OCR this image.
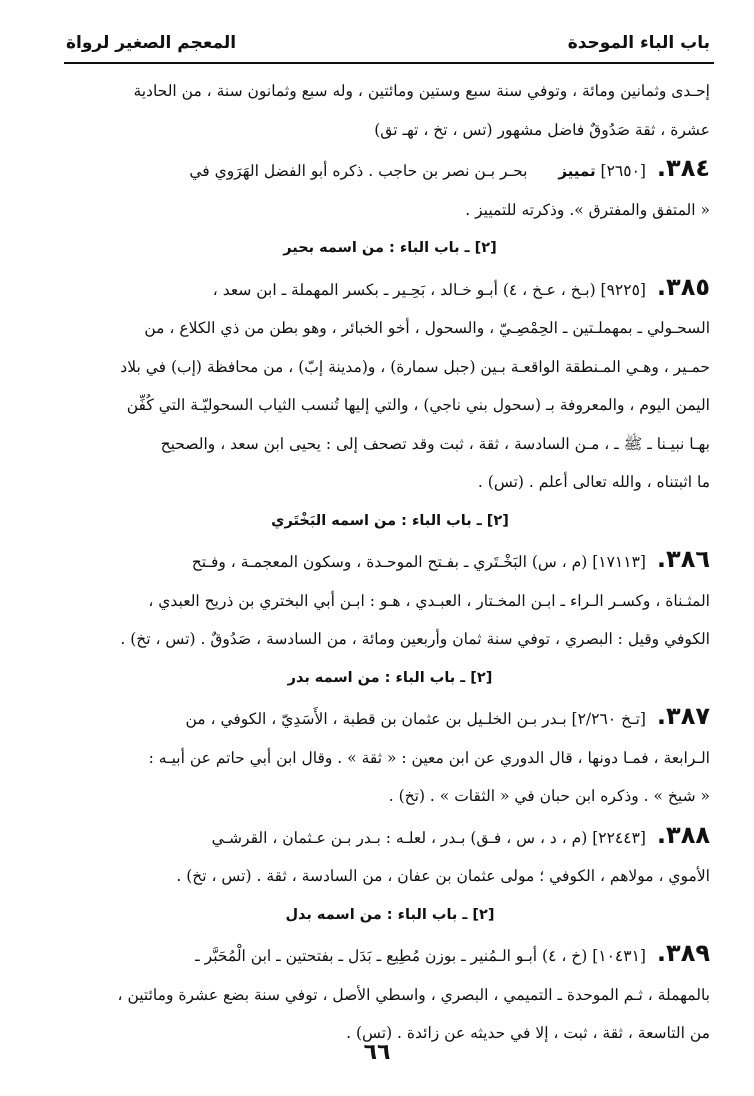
باب الباء الموحدة
المعجم الصغير لرواة

إحـدى وثمانين ومائة ، وتوفي سنة سبع وستين ومائتين ، وله سبع وثمانون سنة ، من الحادية

عشرة ، ثقة صَدُوقٌ فاضل مشهور (تس ، تخ ، تهـ تق)

٣٨٤. [٢٦٥٠] تمييز بحـر بـن نصر بن حاجب . ذكره أبو الفضل الهَرَوي في

« المتفق والمفترق ». وذكرته للتمييز .

[٢] ـ باب الباء : من اسمه بحير

٣٨٥. [٩٢٢٥] (بـخ ، عـخ ، ٤) أبـو خـالد ، بَحِـير ـ بكسر المهملة ـ ابن سعد ،

السحـولي ـ بمهملـتين ـ الحِمْصِـيّ ، والسحول ، أخو الخبائر ، وهو بطن من ذي الكلاع ، من

حمـير ، وهـي المـنطقة الواقعـة بـين (جبل سمارة) ، و(مدينة إبّ) ، من محافظة (إب) في بلاد

اليمن اليوم ، والمعروفة بـ (سحول بني ناجي) ، والتي إليها تُنسب الثياب السحوليّـة التي كُفِّن

بهـا نبيـنا ـ ﷺ ـ ، مـن السادسة ، ثقة ، ثبت وقد تصحف إلى : يحيى ابن سعد ، والصحيح

ما اثبتناه ، والله تعالى أعلم . (تس) .

[٢] ـ باب الباء : من اسمه البَخْتَري

٣٨٦. [١٧١١٣] (م ، س) البَخْـتَري ـ بفـتح الموحـدة ، وسكون المعجمـة ، وفـتح

المثـناة ، وكسـر الـراء ـ ابـن المخـتار ، العبـدي ، هـو : ابـن أبي البختري بن ذريح العبدي ،

الكوفي وقيل : البصري ، توفي سنة ثمان وأربعين ومائة ، من السادسة ، صَدُوقٌ . (تس ، تخ) .

[٢] ـ باب الباء : من اسمه بدر

٣٨٧. [تـخ ٢/٢٦٠] بـدر بـن الخلـيل بن عثمان بن قطبة ، الأَسَدِيّ ، الكوفي ، من

الـرابعة ، فمـا دونها ، قال الدوري عن ابن معين : « ثقة » . وقال ابن أبي حاتم عن أبيـه :

« شيخ » . وذكره ابن حبان في « الثقات » . (تخ) .

٣٨٨. [٢٢٤٤٣] (م ، د ، س ، فـق) بـدر ، لعلـه : بـدر بـن عـثمان ، القرشـي

الأموي ، مولاهم ، الكوفي ؛ مولى عثمان بن عفان ، من السادسة ، ثقة . (تس ، تخ) .

[٢] ـ باب الباء : من اسمه بدل

٣٨٩. [١٠٤٣١] (خ ، ٤) أبـو الـمُنير ـ بوزن مُطِيع ـ بَدَل ـ بفتحتين ـ ابن الْمُحَبَّر ـ

بالمهملة ، ثـم الموحدة ـ التميمي ، البصري ، واسطي الأصل ، توفي سنة بضع عشرة ومائتين ،

من التاسعة ، ثقة ، ثبت ، إلا في حديثه عن زائدة . (تس) .

٦٦
